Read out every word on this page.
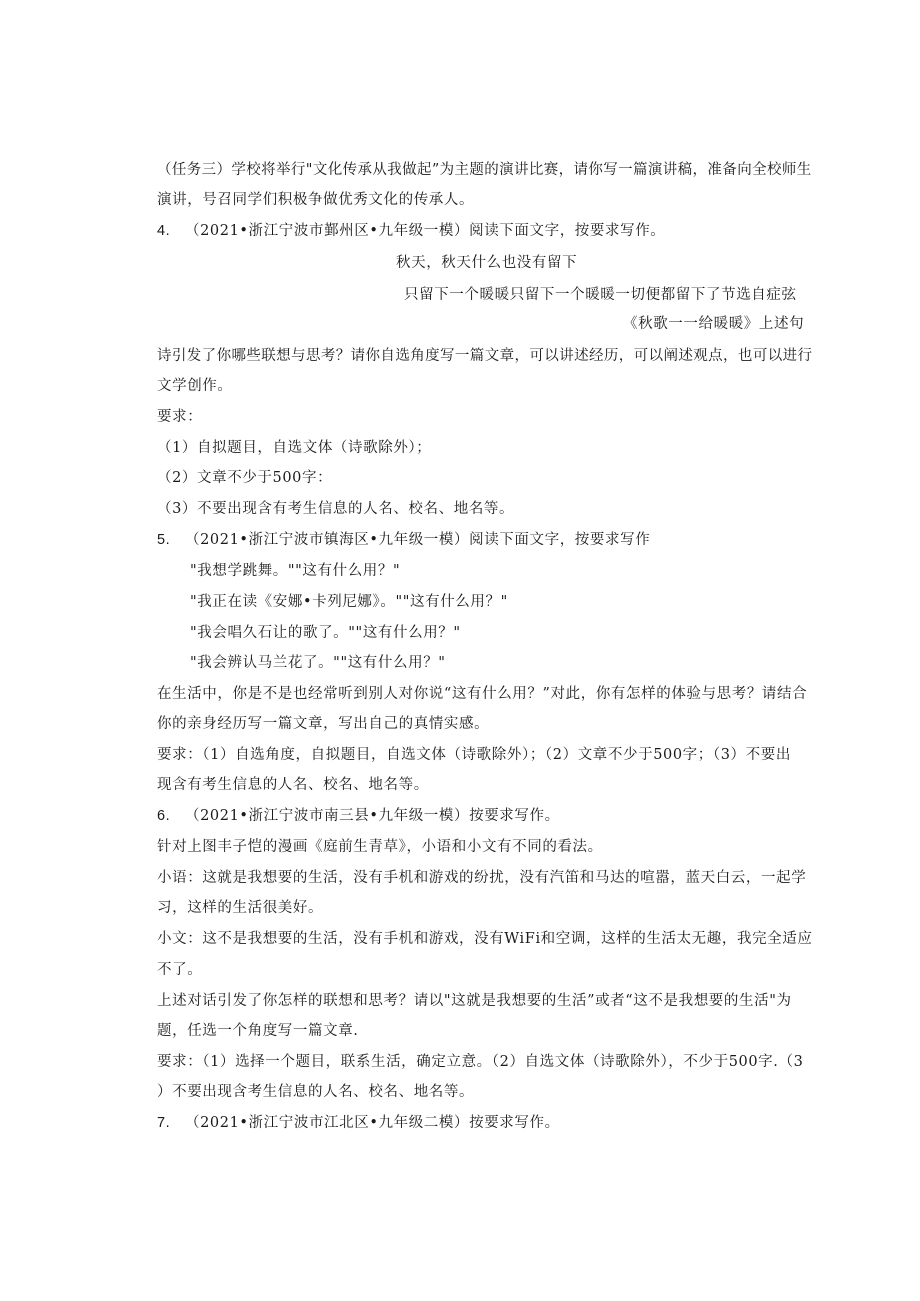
（任务三）学校将举行"文化传承从我做起”为主题的演讲比赛，请你写一篇演讲稿，准备向全校师生
演讲，号召同学们积极争做优秀文化的传承人。
4. （2021•浙江宁波市鄞州区•九年级一模）阅读下面文字，按要求写作。
秋天，秋天什么也没有留下
只留下一个暖暖只留下一个暖暖一切便都留下了节选自症弦
《秋歌一一给暖暖》上述句
诗引发了你哪些联想与思考？请你自选角度写一篇文章，可以讲述经历，可以阐述观点，也可以进行
文学创作。
要求：
（1）自拟题目，自选文体（诗歌除外）；
（2）文章不少于500字：
（3）不要出现含有考生信息的人名、校名、地名等。
5. （2021•浙江宁波市镇海区•九年级一模）阅读下面文字，按要求写作
"我想学跳舞。""这有什么用？"
"我正在读《安娜•卡列尼娜》。""这有什么用？"
"我会唱久石让的歌了。""这有什么用？"
"我会辨认马兰花了。""这有什么用？"
在生活中，你是不是也经常听到别人对你说“这有什么用？”对此，你有怎样的体验与思考？请结合
你的亲身经历写一篇文章，写出自己的真情实感。
要求：（1）自选角度，自拟题目，自选文体（诗歌除外）；（2）文章不少于500字；（3）不要出
现含有考生信息的人名、校名、地名等。
6. （2021•浙江宁波市南三县•九年级一模）按要求写作。
针对上图丰子恺的漫画《庭前生青草》，小语和小文有不同的看法。
小语：这就是我想要的生活，没有手机和游戏的纷扰，没有汽笛和马达的喧嚣，蓝天白云，一起学
习，这样的生活很美好。
小文：这不是我想要的生活，没有手机和游戏，没有WiFi和空调，这样的生活太无趣，我完全适应
不了。
上述对话引发了你怎样的联想和思考？请以"这就是我想要的生活”或者“这不是我想要的生活"为
题，任选一个角度写一篇文章.
要求：（1）选择一个题目，联系生活，确定立意。（2）自选文体（诗歌除外），不少于500字.（3
）不要出现含考生信息的人名、校名、地名等。
7. （2021•浙江宁波市江北区•九年级二模）按要求写作。
